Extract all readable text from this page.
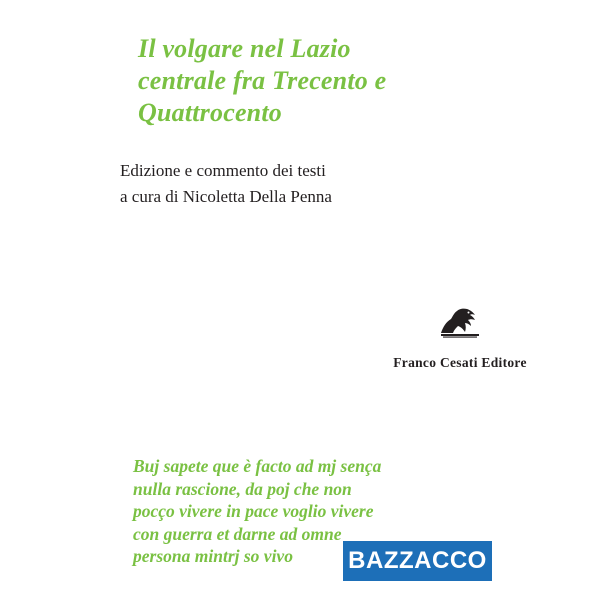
Il volgare nel Lazio
centrale fra Trecento e
Quattrocento
Edizione e commento dei testi
a cura di Nicoletta Della Penna
Franco Cesati Editore
Buj sapete que è facto ad mj sença
nulla rascione, da poj che non
pocço vivere in pace voglio vivere
con guerra et darne ad omne
persona mintrj so vivo	BAZZACCO
